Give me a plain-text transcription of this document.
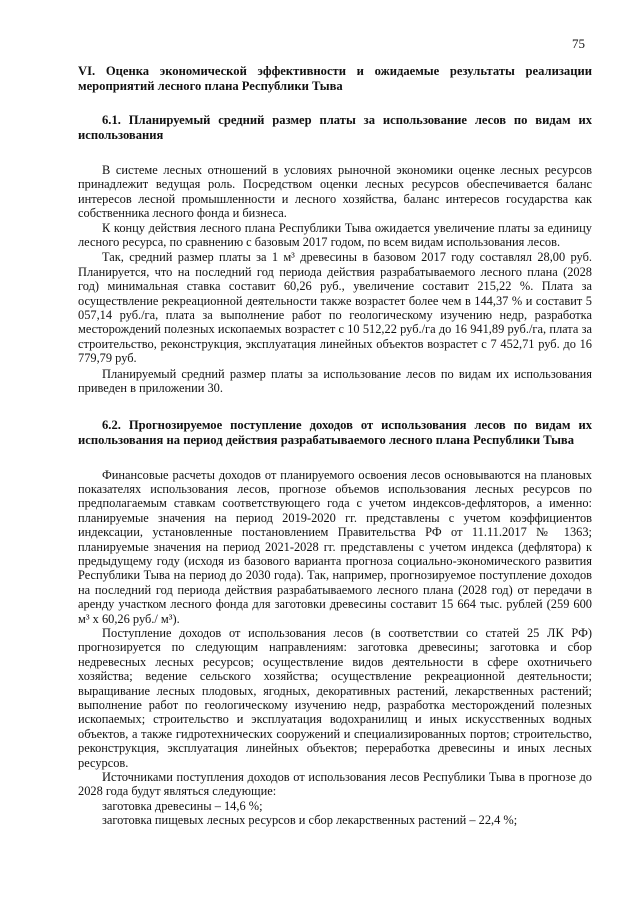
75

VI. Оценка экономической эффективности и ожидаемые результаты реализации мероприятий лесного плана Республики Тыва

6.1. Планируемый средний размер платы за использование лесов по видам их использования

В системе лесных отношений в условиях рыночной экономики оценке лесных ресурсов принадлежит ведущая роль. Посредством оценки лесных ресурсов обеспечивается баланс интересов лесной промышленности и лесного хозяйства, баланс интересов государства как собственника лесного фонда и бизнеса.

К концу действия лесного плана Республики Тыва ожидается увеличение платы за единицу лесного ресурса, по сравнению с базовым 2017 годом, по всем видам использования лесов.

Так, средний размер платы за 1 м³ древесины в базовом 2017 году составлял 28,00 руб. Планируется, что на последний год периода действия разрабатываемого лесного плана (2028 год) минимальная ставка составит 60,26 руб., увеличение составит 215,22 %. Плата за осуществление рекреационной деятельности также возрастет более чем в 144,37 % и составит 5 057,14 руб./га, плата за выполнение работ по геологическому изучению недр, разработка месторождений полезных ископаемых возрастет с 10 512,22 руб./га до 16 941,89 руб./га, плата за строительство, реконструкция, эксплуатация линейных объектов возрастет с 7 452,71 руб. до 16 779,79 руб.

Планируемый средний размер платы за использование лесов по видам их использования приведен в приложении 30.

6.2. Прогнозируемое поступление доходов от использования лесов по видам их использования на период действия разрабатываемого лесного плана Республики Тыва

Финансовые расчеты доходов от планируемого освоения лесов основываются на плановых показателях использования лесов, прогнозе объемов использования лесных ресурсов по предполагаемым ставкам соответствующего года с учетом индексов-дефляторов, а именно: планируемые значения на период 2019-2020 гг. представлены с учетом коэффициентов индексации, установленные постановлением Правительства РФ от 11.11.2017 № 1363; планируемые значения на период 2021-2028 гг. представлены с учетом индекса (дефлятора) к предыдущему году (исходя из базового варианта прогноза социально-экономического развития Республики Тыва на период до 2030 года). Так, например, прогнозируемое поступление доходов на последний год периода действия разрабатываемого лесного плана (2028 год) от передачи в аренду участком лесного фонда для заготовки древесины составит 15 664 тыс. рублей (259 600 м³ х 60,26 руб./ м³).

Поступление доходов от использования лесов (в соответствии со статей 25 ЛК РФ) прогнозируется по следующим направлениям: заготовка древесины; заготовка и сбор недревесных лесных ресурсов; осуществление видов деятельности в сфере охотничьего хозяйства; ведение сельского хозяйства; осуществление рекреационной деятельности; выращивание лесных плодовых, ягодных, декоративных растений, лекарственных растений; выполнение работ по геологическому изучению недр, разработка месторождений полезных ископаемых; строительство и эксплуатация водохранилищ и иных искусственных водных объектов, а также гидротехнических сооружений и специализированных портов; строительство, реконструкция, эксплуатация линейных объектов; переработка древесины и иных лесных ресурсов.

Источниками поступления доходов от использования лесов Республики Тыва в прогнозе до 2028 года будут являться следующие:

заготовка древесины – 14,6 %;

заготовка пищевых лесных ресурсов и сбор лекарственных растений – 22,4 %;
